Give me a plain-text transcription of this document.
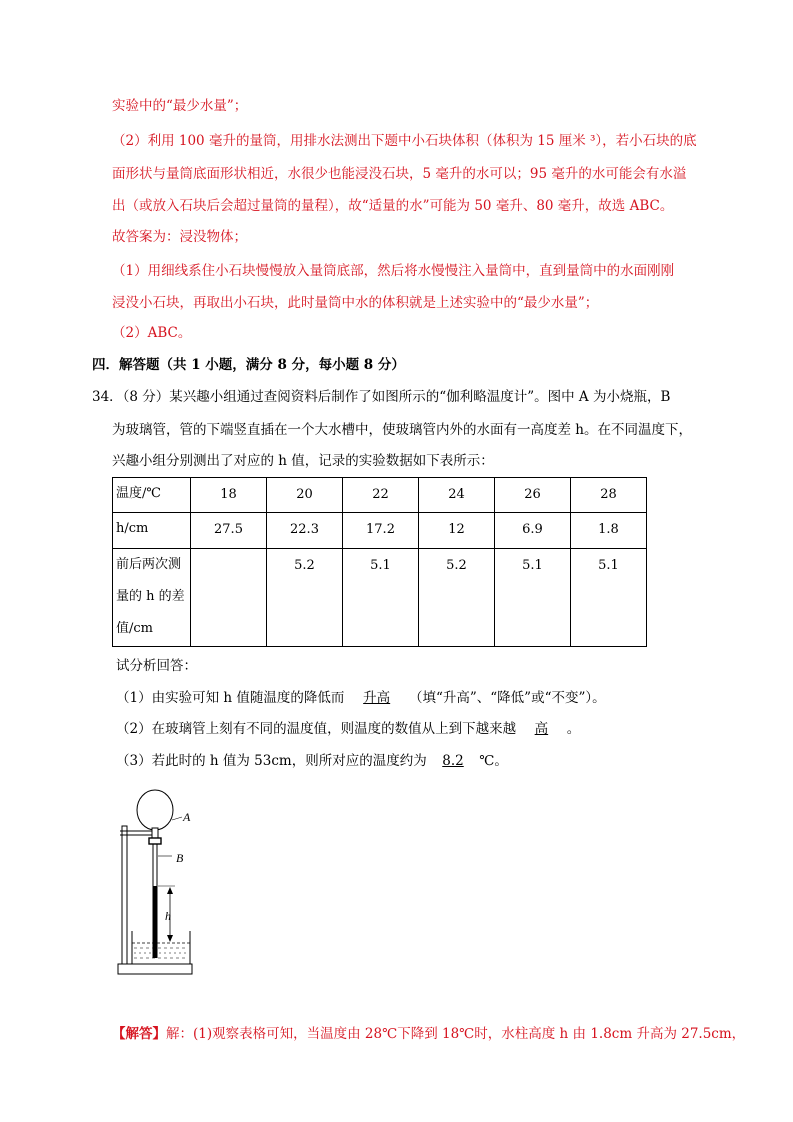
实验中的“最少水量”；
（2）利用 100 毫升的量筒，用排水法测出下题中小石块体积（体积为 15 厘米 ³），若小石块的底
面形状与量筒底面形状相近，水很少也能浸没石块，5 毫升的水可以；95 毫升的水可能会有水溢
出（或放入石块后会超过量筒的量程），故“适量的水”可能为 50 毫升、80 毫升，故选 ABC。
故答案为：浸没物体；
（1）用细线系住小石块慢慢放入量筒底部，然后将水慢慢注入量筒中，直到量筒中的水面刚刚
浸没小石块，再取出小石块，此时量筒中水的体积就是上述实验中的“最少水量”；
（2）ABC。
四．解答题（共 1 小题，满分 8 分，每小题 8 分）
34．（8 分）某兴趣小组通过查阅资料后制作了如图所示的“伽利略温度计”。图中 A 为小烧瓶，B
为玻璃管，管的下端竖直插在一个大水槽中，使玻璃管内外的水面有一高度差 h。在不同温度下，
兴趣小组分别测出了对应的 h 值，记录的实验数据如下表所示：
温度/℃	18	20	22	24	26	28
h/cm	27.5	22.3	17.2	12	6.9	1.8
前后两次测量的 h 的差值/cm		5.2	5.1	5.2	5.1	5.1
试分析回答：
（1）由实验可知 h 值随温度的降低而 升高 （填“升高”、“降低”或“不变”）。
（2）在玻璃管上刻有不同的温度值，则温度的数值从上到下越来越 高 。
（3）若此时的 h 值为 53cm，则所对应的温度约为 8.2 ℃。
A
B
h
【解答】解：(1)观察表格可知，当温度由 28℃下降到 18℃时，水柱高度 h 由 1.8cm 升高为 27.5cm，
